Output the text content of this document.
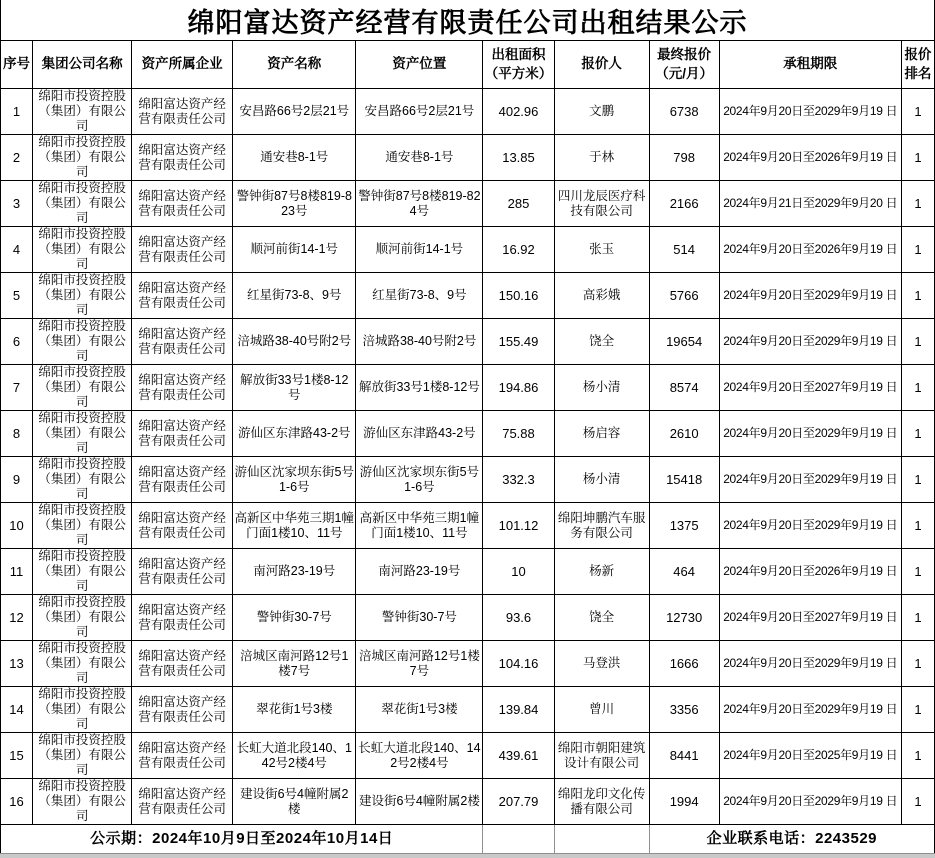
绵阳富达资产经营有限责任公司出租结果公示
序号	集团公司名称	资产所属企业	资产名称	资产位置	出租面积（平方米）	报价人	最终报价（元/月）	承租期限	报价排名
1	绵阳市投资控股（集团）有限公司	绵阳富达资产经营有限责任公司	安昌路66号2层21号	安昌路66号2层21号	402.96	文鹏	6738	2024年9月20日至2029年9月19 日	1
2	绵阳市投资控股（集团）有限公司	绵阳富达资产经营有限责任公司	通安巷8-1号	通安巷8-1号	13.85	于林	798	2024年9月20日至2026年9月19 日	1
3	绵阳市投资控股（集团）有限公司	绵阳富达资产经营有限责任公司	警钟街87号8楼819-823号	警钟街87号8楼819-824号	285	四川龙辰医疗科技有限公司	2166	2024年9月21日至2029年9月20 日	1
4	绵阳市投资控股（集团）有限公司	绵阳富达资产经营有限责任公司	顺河前街14-1号	顺河前街14-1号	16.92	张玉	514	2024年9月20日至2026年9月19 日	1
5	绵阳市投资控股（集团）有限公司	绵阳富达资产经营有限责任公司	红星街73-8、9号	红星街73-8、9号	150.16	高彩娥	5766	2024年9月20日至2029年9月19 日	1
6	绵阳市投资控股（集团）有限公司	绵阳富达资产经营有限责任公司	涪城路38-40号附2号	涪城路38-40号附2号	155.49	饶全	19654	2024年9月20日至2029年9月19 日	1
7	绵阳市投资控股（集团）有限公司	绵阳富达资产经营有限责任公司	解放街33号1楼8-12号	解放街33号1楼8-12号	194.86	杨小清	8574	2024年9月20日至2027年9月19 日	1
8	绵阳市投资控股（集团）有限公司	绵阳富达资产经营有限责任公司	游仙区东津路43-2号	游仙区东津路43-2号	75.88	杨启容	2610	2024年9月20日至2029年9月19 日	1
9	绵阳市投资控股（集团）有限公司	绵阳富达资产经营有限责任公司	游仙区沈家坝东街5号1-6号	游仙区沈家坝东街5号1-6号	332.3	杨小清	15418	2024年9月20日至2029年9月19 日	1
10	绵阳市投资控股（集团）有限公司	绵阳富达资产经营有限责任公司	高新区中华苑三期1幢门面1楼10、11号	高新区中华苑三期1幢门面1楼10、11号	101.12	绵阳坤鹏汽车服务有限公司	1375	2024年9月20日至2029年9月19 日	1
11	绵阳市投资控股（集团）有限公司	绵阳富达资产经营有限责任公司	南河路23-19号	南河路23-19号	10	杨新	464	2024年9月20日至2026年9月19 日	1
12	绵阳市投资控股（集团）有限公司	绵阳富达资产经营有限责任公司	警钟街30-7号	警钟街30-7号	93.6	饶全	12730	2024年9月20日至2027年9月19 日	1
13	绵阳市投资控股（集团）有限公司	绵阳富达资产经营有限责任公司	涪城区南河路12号1楼7号	涪城区南河路12号1楼7号	104.16	马登洪	1666	2024年9月20日至2029年9月19 日	1
14	绵阳市投资控股（集团）有限公司	绵阳富达资产经营有限责任公司	翠花街1号3楼	翠花街1号3楼	139.84	曾川	3356	2024年9月20日至2029年9月19 日	1
15	绵阳市投资控股（集团）有限公司	绵阳富达资产经营有限责任公司	长虹大道北段140、142号2楼4号	长虹大道北段140、142号2楼4号	439.61	绵阳市朝阳建筑设计有限公司	8441	2024年9月20日至2025年9月19 日	1
16	绵阳市投资控股（集团）有限公司	绵阳富达资产经营有限责任公司	建设街6号4幢附属2楼	建设街6号4幢附属2楼	207.79	绵阳龙印文化传播有限公司	1994	2024年9月20日至2029年9月19 日	1
公示期：2024年10月9日至2024年10月14日							企业联系电话：2243529		
